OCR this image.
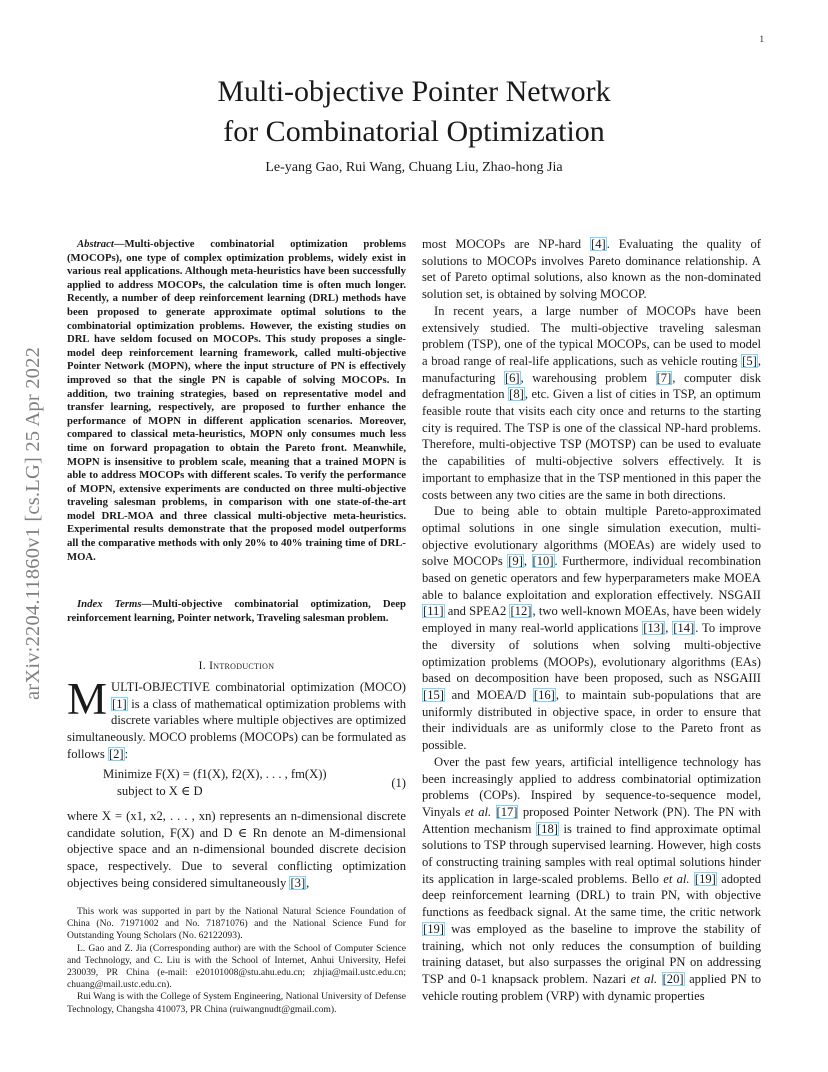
1
Multi-objective Pointer Network
for Combinatorial Optimization
Le-yang Gao, Rui Wang, Chuang Liu, Zhao-hong Jia
arXiv:2204.11860v1 [cs.LG] 25 Apr 2022
Abstract—Multi-objective combinatorial optimization problems (MOCOPs), one type of complex optimization problems, widely exist in various real applications. Although meta-heuristics have been successfully applied to address MOCOPs, the calculation time is often much longer. Recently, a number of deep reinforcement learning (DRL) methods have been proposed to generate approximate optimal solutions to the combinatorial optimization problems. However, the existing studies on DRL have seldom focused on MOCOPs. This study proposes a single-model deep reinforcement learning framework, called multi-objective Pointer Network (MOPN), where the input structure of PN is effectively improved so that the single PN is capable of solving MOCOPs. In addition, two training strategies, based on representative model and transfer learning, respectively, are proposed to further enhance the performance of MOPN in different application scenarios. Moreover, compared to classical meta-heuristics, MOPN only consumes much less time on forward propagation to obtain the Pareto front. Meanwhile, MOPN is insensitive to problem scale, meaning that a trained MOPN is able to address MOCOPs with different scales. To verify the performance of MOPN, extensive experiments are conducted on three multi-objective traveling salesman problems, in comparison with one state-of-the-art model DRL-MOA and three classical multi-objective meta-heuristics. Experimental results demonstrate that the proposed model outperforms all the comparative methods with only 20% to 40% training time of DRL-MOA.
Index Terms—Multi-objective combinatorial optimization, Deep reinforcement learning, Pointer network, Traveling salesman problem.
I. Introduction
MULTI-OBJECTIVE combinatorial optimization (MOCO) [1] is a class of mathematical optimization problems with discrete variables where multiple objectives are optimized simultaneously. MOCO problems (MOCOPs) can be formulated as follows [2]:
Minimize F(X) = (f1(X), f2(X), . . . , fm(X))
subject to X ∈ D
(1)
where X = (x1, x2, . . . , xn) represents an n-dimensional discrete candidate solution, F(X) and D ∈ Rn denote an M-dimensional objective space and an n-dimensional bounded discrete decision space, respectively. Due to several conflicting optimization objectives being considered simultaneously [3],

This work was supported in part by the National Natural Science Foundation of China (No. 71971002 and No. 71871076) and the National Science Fund for Outstanding Young Scholars (No. 62122093).

L. Gao and Z. Jia (Corresponding author) are with the School of Computer Science and Technology, and C. Liu is with the School of Internet, Anhui University, Hefei 230039, PR China (e-mail: e20101008@stu.ahu.edu.cn; zhjia@mail.ustc.edu.cn; chuang@mail.ustc.edu.cn).

Rui Wang is with the College of System Engineering, National University of Defense Technology, Changsha 410073, PR China (ruiwangnudt@gmail.com).

most MOCOPs are NP-hard [4]. Evaluating the quality of solutions to MOCOPs involves Pareto dominance relationship. A set of Pareto optimal solutions, also known as the non-dominated solution set, is obtained by solving MOCOP.

In recent years, a large number of MOCOPs have been extensively studied. The multi-objective traveling salesman problem (TSP), one of the typical MOCOPs, can be used to model a broad range of real-life applications, such as vehicle routing [5], manufacturing [6], warehousing problem [7], computer disk defragmentation [8], etc. Given a list of cities in TSP, an optimum feasible route that visits each city once and returns to the starting city is required. The TSP is one of the classical NP-hard problems. Therefore, multi-objective TSP (MOTSP) can be used to evaluate the capabilities of multi-objective solvers effectively. It is important to emphasize that in the TSP mentioned in this paper the costs between any two cities are the same in both directions.

Due to being able to obtain multiple Pareto-approximated optimal solutions in one single simulation execution, multi-objective evolutionary algorithms (MOEAs) are widely used to solve MOCOPs [9], [10]. Furthermore, individual recombination based on genetic operators and few hyperparameters make MOEA able to balance exploitation and exploration effectively. NSGAII [11] and SPEA2 [12], two well-known MOEAs, have been widely employed in many real-world applications [13], [14]. To improve the diversity of solutions when solving multi-objective optimization problems (MOOPs), evolutionary algorithms (EAs) based on decomposition have been proposed, such as NSGAIII [15] and MOEA/D [16], to maintain sub-populations that are uniformly distributed in objective space, in order to ensure that their individuals are as uniformly close to the Pareto front as possible.

Over the past few years, artificial intelligence technology has been increasingly applied to address combinatorial optimization problems (COPs). Inspired by sequence-to-sequence model, Vinyals et al. [17] proposed Pointer Network (PN). The PN with Attention mechanism [18] is trained to find approximate optimal solutions to TSP through supervised learning. However, high costs of constructing training samples with real optimal solutions hinder its application in large-scaled problems. Bello et al. [19] adopted deep reinforcement learning (DRL) to train PN, with objective functions as feedback signal. At the same time, the critic network [19] was employed as the baseline to improve the stability of training, which not only reduces the consumption of building training dataset, but also surpasses the original PN on addressing TSP and 0-1 knapsack problem. Nazari et al. [20] applied PN to vehicle routing problem (VRP) with dynamic properties
